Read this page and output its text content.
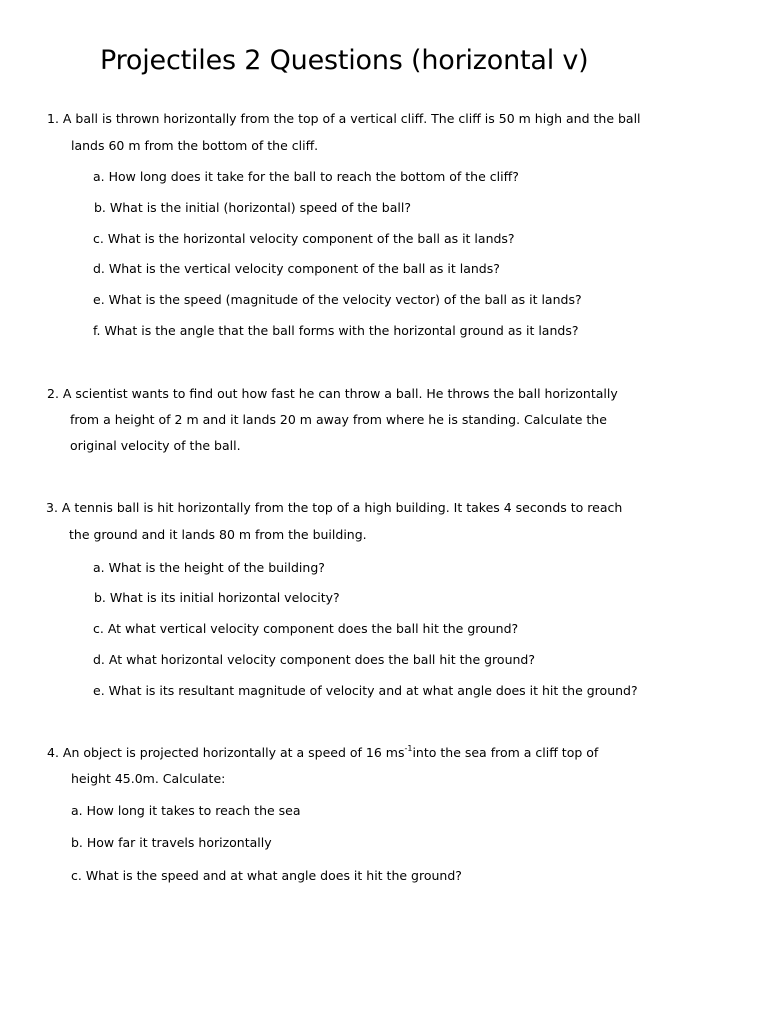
Projectiles 2 Questions (horizontal v)
1. A ball is thrown horizontally from the top of a vertical cliff. The cliff is 50 m high and the ball
lands 60 m from the bottom of the cliff.
a. How long does it take for the ball to reach the bottom of the cliff?
b. What is the initial (horizontal) speed of the ball?
c. What is the horizontal velocity component of the ball as it lands?
d. What is the vertical velocity component of the ball as it lands?
e. What is the speed (magnitude of the velocity vector) of the ball as it lands?
f. What is the angle that the ball forms with the horizontal ground as it lands?
2. A scientist wants to find out how fast he can throw a ball. He throws the ball horizontally
from a height of 2 m and it lands 20 m away from where he is standing. Calculate the
original velocity of the ball.
3. A tennis ball is hit horizontally from the top of a high building. It takes 4 seconds to reach
the ground and it lands 80 m from the building.
a. What is the height of the building?
b. What is its initial horizontal velocity?
c. At what vertical velocity component does the ball hit the ground?
d. At what horizontal velocity component does the ball hit the ground?
e. What is its resultant magnitude of velocity and at what angle does it hit the ground?
4. An object is projected horizontally at a speed of 16 $ms^{-1}into$ the sea from a cliff top of
height 45.0m. Calculate:
a. How long it takes to reach the sea
b. How far it travels horizontally
c. What is the speed and at what angle does it hit the ground?
